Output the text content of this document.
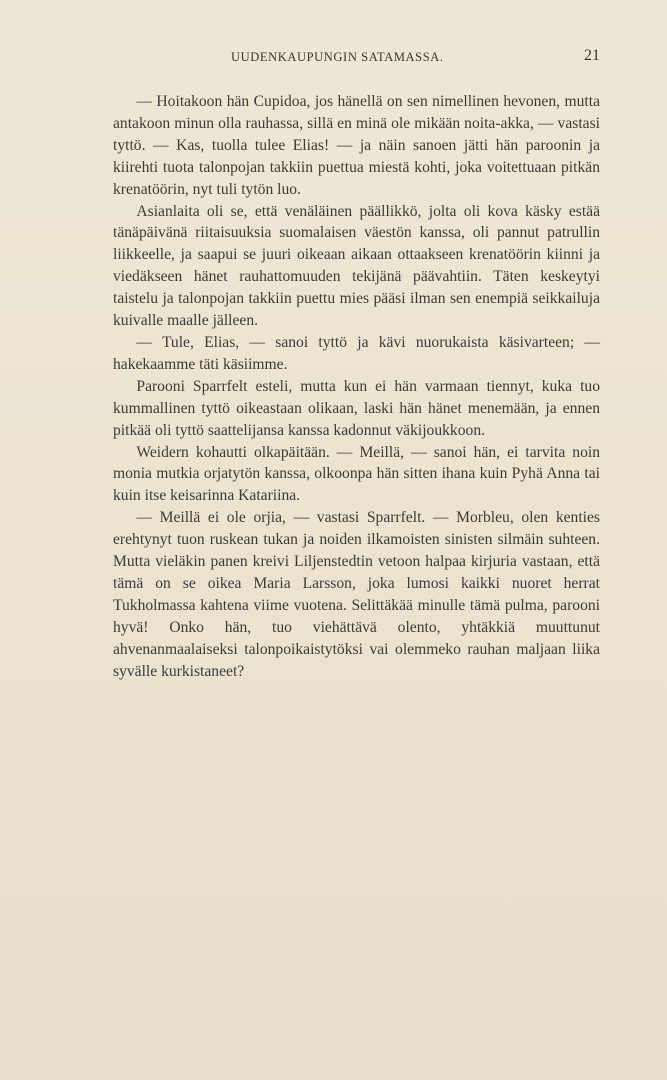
UUDENKAUPUNGIN SATAMASSA.	21

— Hoitakoon hän Cupidoa, jos hänellä on sen nimellinen hevonen, mutta antakoon minun olla rauhassa, sillä en minä ole mikään noita-akka, — vastasi tyttö. — Kas, tuolla tulee Elias! — ja näin sanoen jätti hän paroonin ja kiirehti tuota talonpojan takkiin puettua miestä kohti, joka voitettuaan pitkän krenatöörin, nyt tuli tytön luo.

Asianlaita oli se, että venäläinen päällikkö, jolta oli kova käsky estää tänäpäivänä riitaisuuksia suomalaisen väestön kanssa, oli pannut patrullin liikkeelle, ja saapui se juuri oikeaan aikaan ottaakseen krenatöörin kiinni ja viedäkseen hänet rauhattomuuden tekijänä päävahtiin. Täten keskeytyi taistelu ja talonpojan takkiin puettu mies pääsi ilman sen enempiä seikkailuja kuivalle maalle jälleen.

— Tule, Elias, — sanoi tyttö ja kävi nuorukaista käsivarteen; — hakekaamme täti käsiimme.

Parooni Sparrfelt esteli, mutta kun ei hän varmaan tiennyt, kuka tuo kummallinen tyttö oikeastaan olikaan, laski hän hänet menemään, ja ennen pitkää oli tyttö saattelijansa kanssa kadonnut väkijoukkoon.

Weidern kohautti olkapäitään. — Meillä, — sanoi hän, ei tarvita noin monia mutkia orjatytön kanssa, olkoonpa hän sitten ihana kuin Pyhä Anna tai kuin itse keisarinna Katariina.

— Meillä ei ole orjia, — vastasi Sparrfelt. — Morbleu, olen kenties erehtynyt tuon ruskean tukan ja noiden ilkamoisten sinisten silmäin suhteen. Mutta vieläkin panen kreivi Liljenstedtin vetoon halpaa kirjuria vastaan, että tämä on se oikea Maria Larsson, joka lumosi kaikki nuoret herrat Tukholmassa kahtena viime vuotena. Selittäkää minulle tämä pulma, parooni hyvä! Onko hän, tuo viehättävä olento, yhtäkkiä muuttunut ahvenanmaalaiseksi talonpoikaistytöksi vai olemmeko rauhan maljaan liika syvälle kurkistaneet?
